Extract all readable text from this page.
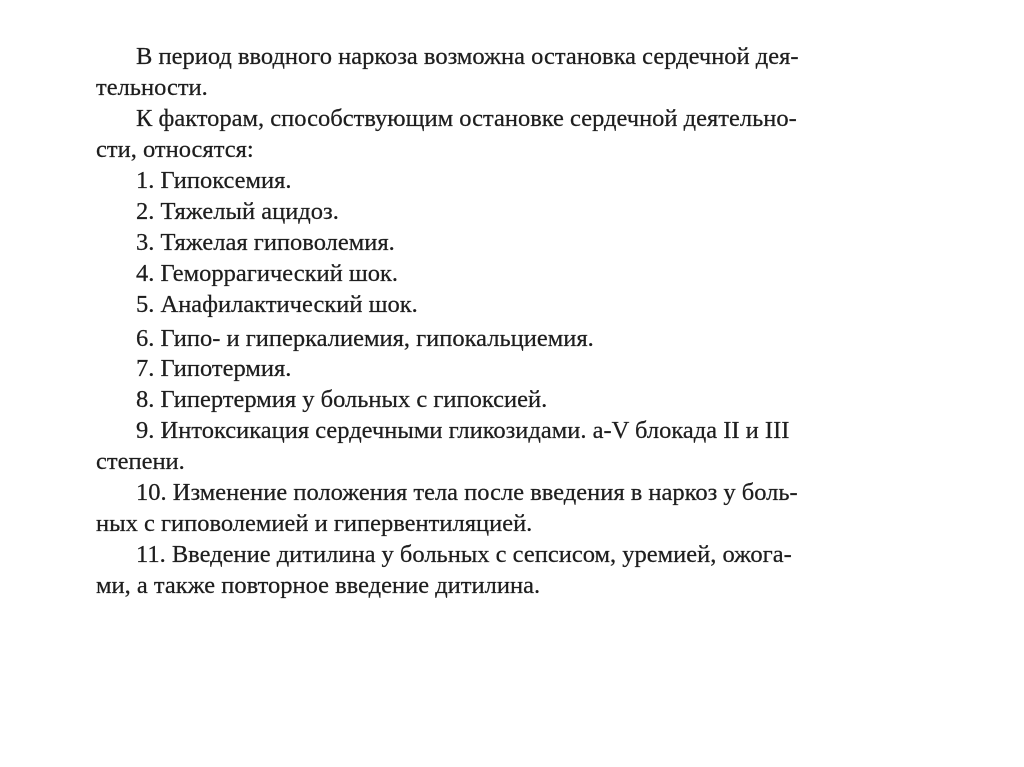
В период вводного наркоза возможна остановка сердечной дея-
тельности.
К факторам, способствующим остановке сердечной деятельно-
сти, относятся:
1. Гипоксемия.
2. Тяжелый ацидоз.
3. Тяжелая гиповолемия.
4. Геморрагический шок.
5. Анафилактический шок.
6. Гипо- и гиперкалиемия, гипокальциемия.
7. Гипотермия.
8. Гипертермия у больных с гипоксией.
9. Интоксикация сердечными гликозидами. a-V блокада II и III
степени.
10. Изменение положения тела после введения в наркоз у боль-
ных с гиповолемией и гипервентиляцией.
11. Введение дитилина у больных с сепсисом, уремией, ожога-
ми, а также повторное введение дитилина.
